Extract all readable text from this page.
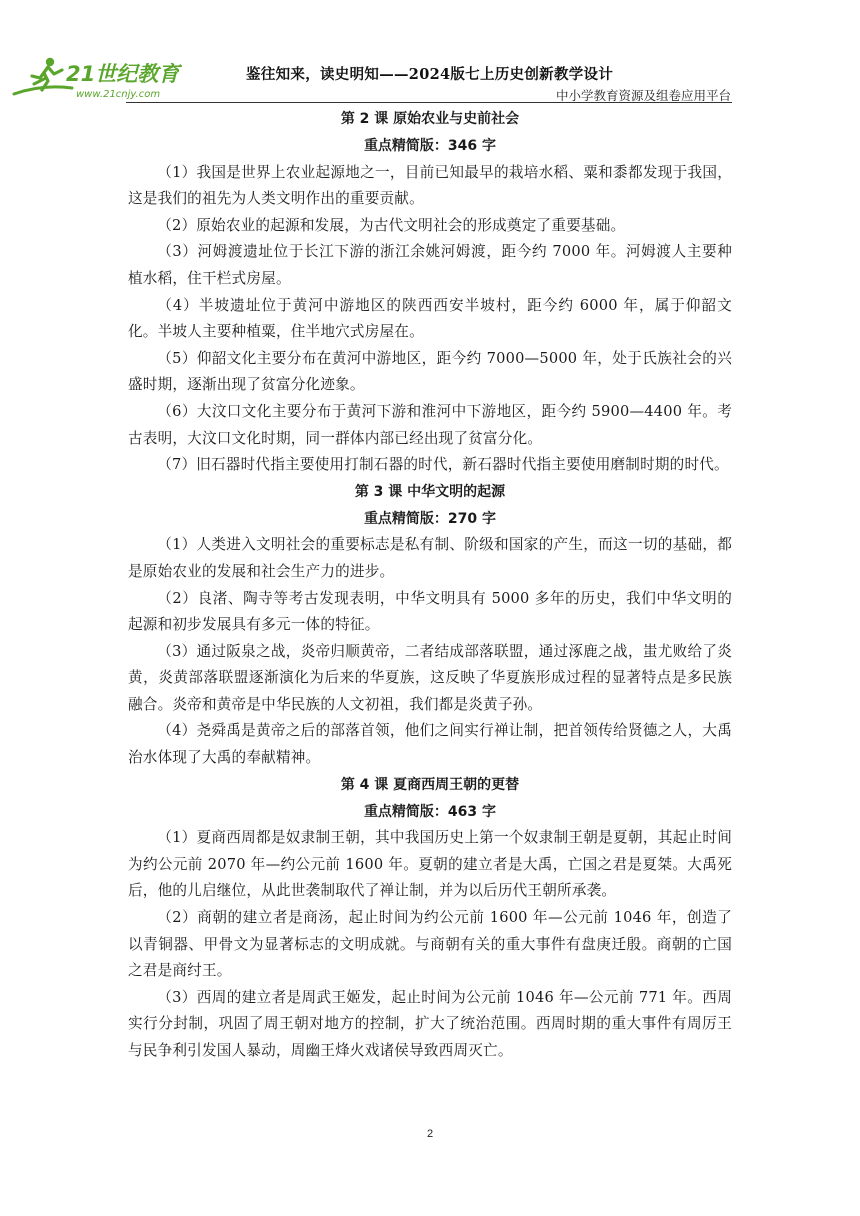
21世纪教育
www.21cnjy.com
鉴往知来，读史明知——2024版七上历史创新教学设计
中小学教育资源及组卷应用平台
第 2 课 原始农业与史前社会
重点精简版：346 字

（1）我国是世界上农业起源地之一，目前已知最早的栽培水稻、粟和黍都发现于我国，这是我们的祖先为人类文明作出的重要贡献。

（2）原始农业的起源和发展，为古代文明社会的形成奠定了重要基础。

（3）河姆渡遗址位于长江下游的浙江余姚河姆渡，距今约 7000 年。河姆渡人主要种植水稻，住干栏式房屋。

（4）半坡遗址位于黄河中游地区的陕西西安半坡村，距今约 6000 年，属于仰韶文化。半坡人主要种植粟，住半地穴式房屋在。

（5）仰韶文化主要分布在黄河中游地区，距今约 7000—5000 年，处于氏族社会的兴盛时期，逐渐出现了贫富分化迹象。

（6）大汶口文化主要分布于黄河下游和淮河中下游地区，距今约 5900—4400 年。考古表明，大汶口文化时期，同一群体内部已经出现了贫富分化。

（7）旧石器时代指主要使用打制石器的时代，新石器时代指主要使用磨制时期的时代。

第 3 课 中华文明的起源
重点精简版：270 字

（1）人类进入文明社会的重要标志是私有制、阶级和国家的产生，而这一切的基础，都是原始农业的发展和社会生产力的进步。

（2）良渚、陶寺等考古发现表明，中华文明具有 5000 多年的历史，我们中华文明的起源和初步发展具有多元一体的特征。

（3）通过阪泉之战，炎帝归顺黄帝，二者结成部落联盟，通过涿鹿之战，蚩尤败给了炎黄，炎黄部落联盟逐渐演化为后来的华夏族，这反映了华夏族形成过程的显著特点是多民族融合。炎帝和黄帝是中华民族的人文初祖，我们都是炎黄子孙。

（4）尧舜禹是黄帝之后的部落首领，他们之间实行禅让制，把首领传给贤德之人，大禹治水体现了大禹的奉献精神。

第 4 课 夏商西周王朝的更替
重点精简版：463 字

（1）夏商西周都是奴隶制王朝，其中我国历史上第一个奴隶制王朝是夏朝，其起止时间为约公元前 2070 年—约公元前 1600 年。夏朝的建立者是大禹，亡国之君是夏桀。大禹死后，他的儿启继位，从此世袭制取代了禅让制，并为以后历代王朝所承袭。

（2）商朝的建立者是商汤，起止时间为约公元前 1600 年—公元前 1046 年，创造了以青铜器、甲骨文为显著标志的文明成就。与商朝有关的重大事件有盘庚迁殷。商朝的亡国之君是商纣王。

（3）西周的建立者是周武王姬发，起止时间为公元前 1046 年—公元前 771 年。西周实行分封制，巩固了周王朝对地方的控制，扩大了统治范围。西周时期的重大事件有周厉王与民争利引发国人暴动，周幽王烽火戏诸侯导致西周灭亡。

2
